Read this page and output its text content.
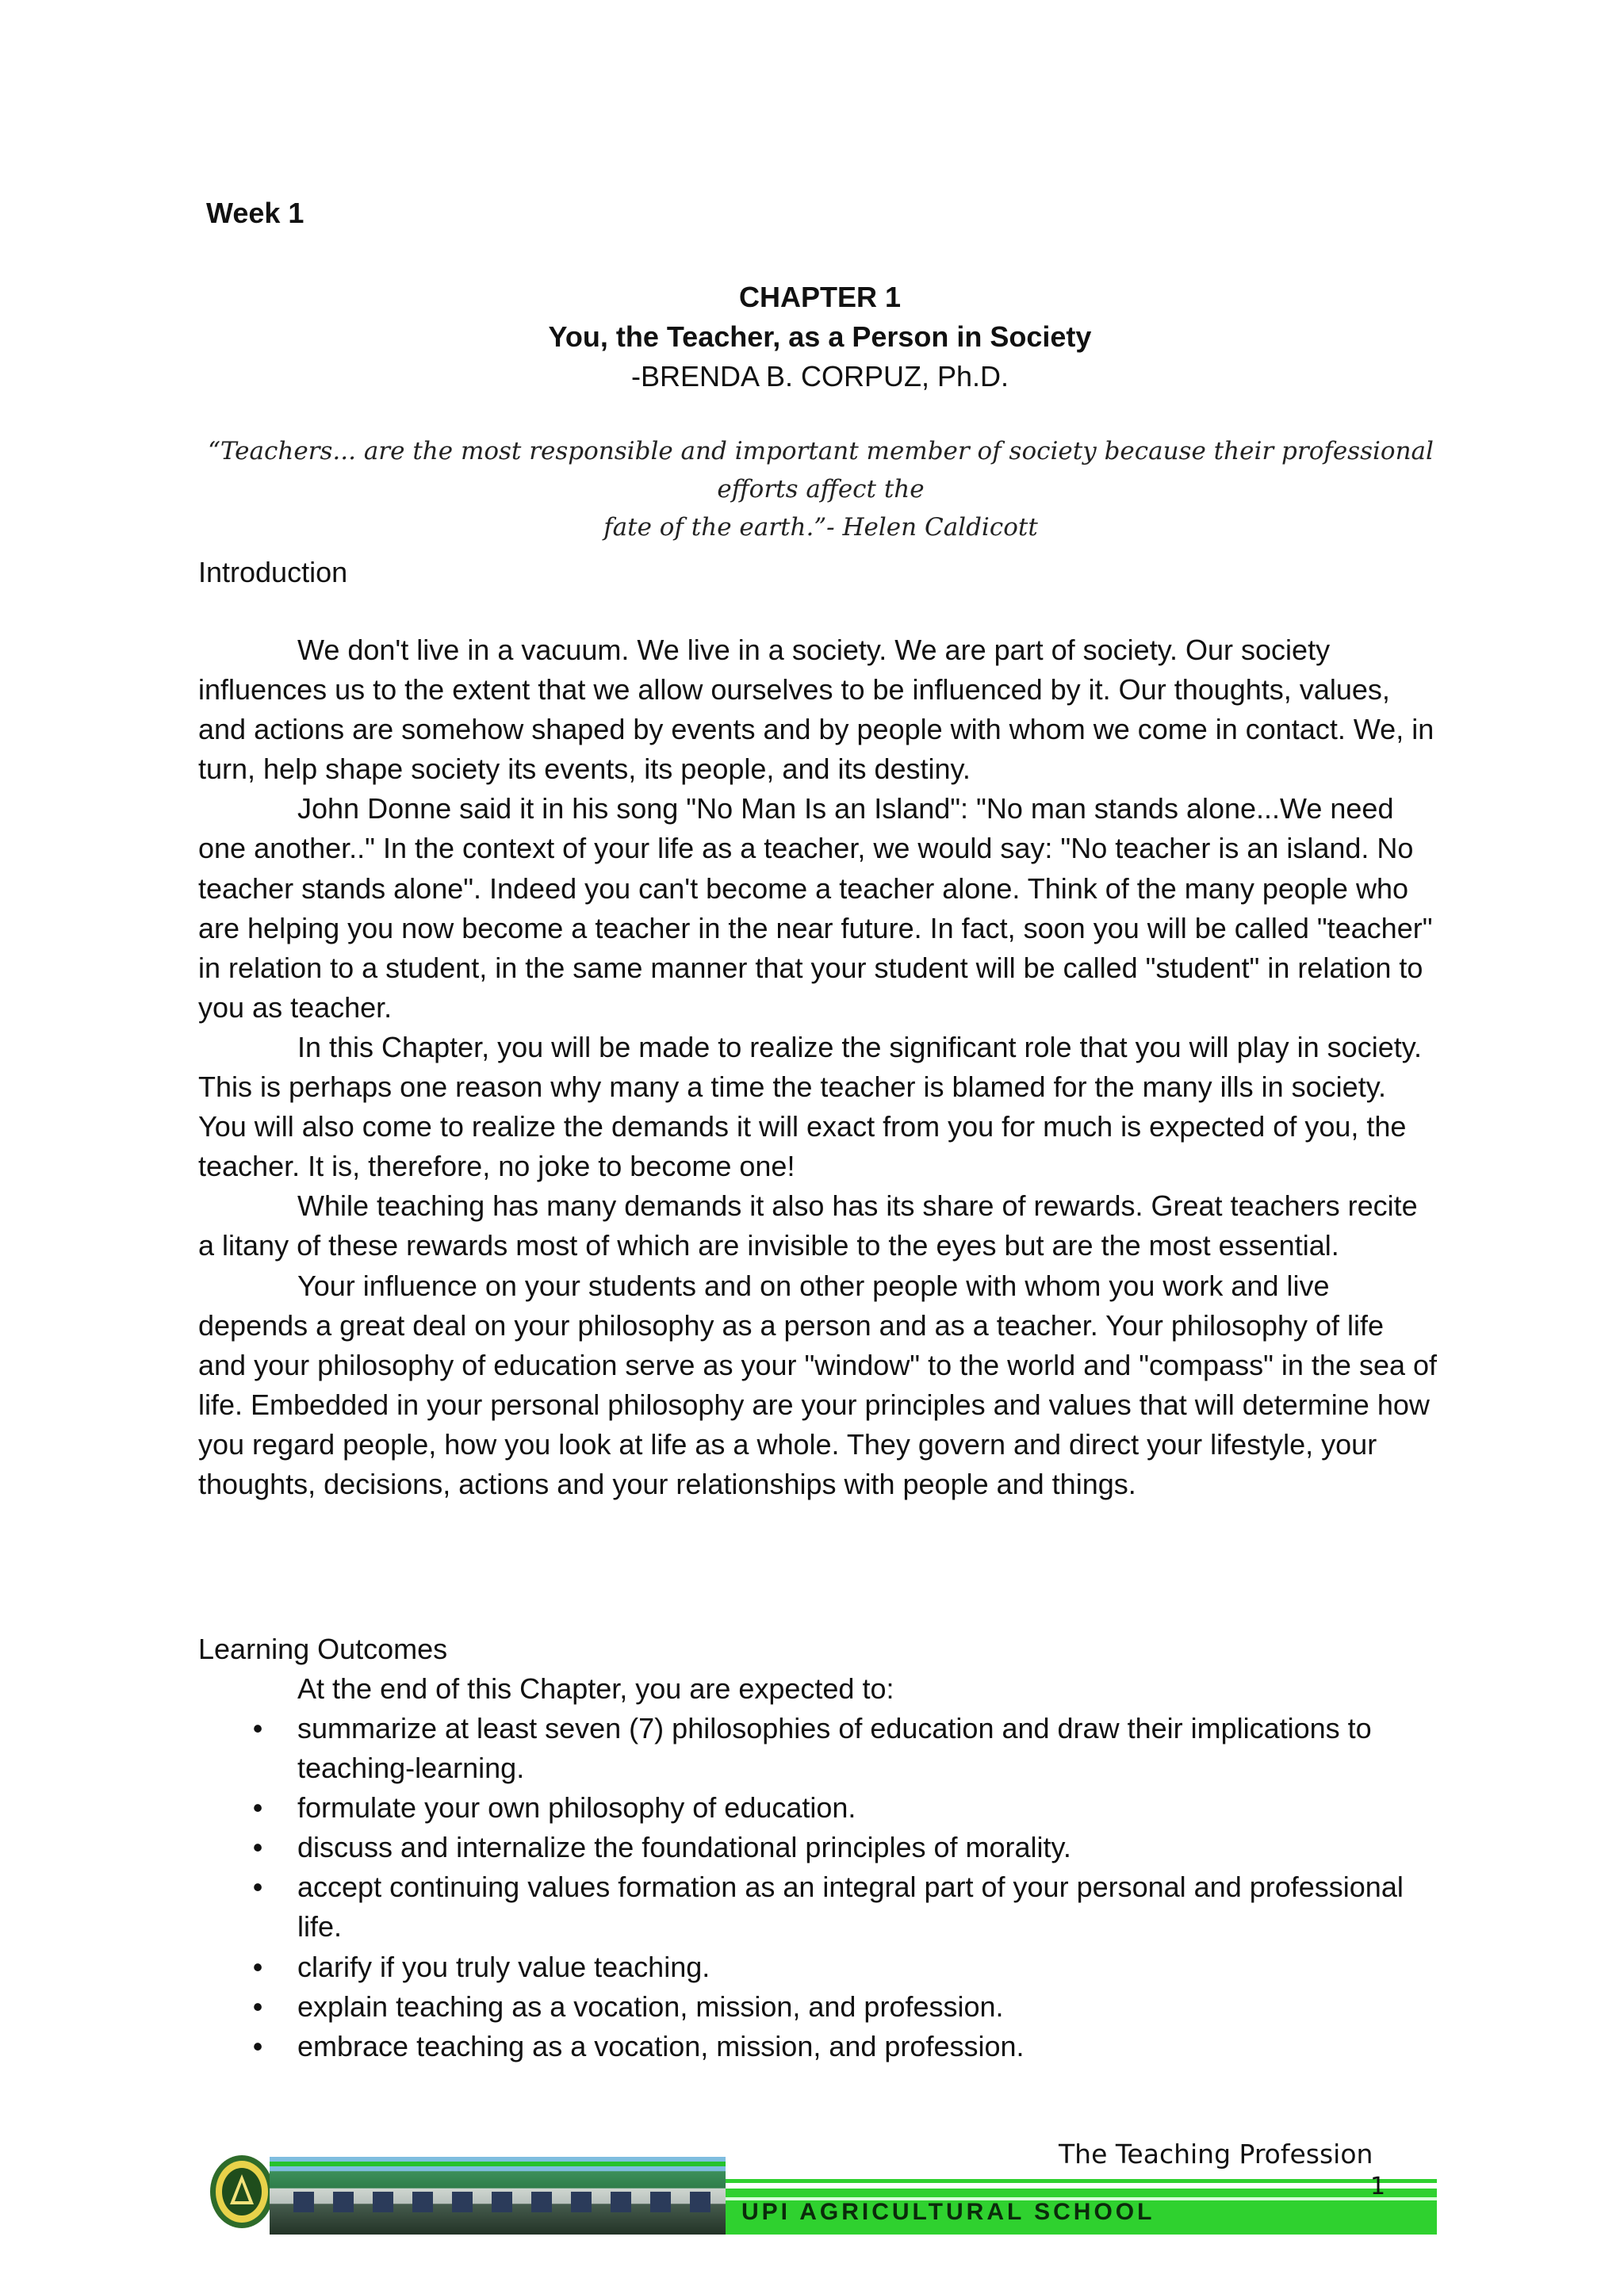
Week 1
CHAPTER 1
You, the Teacher, as a Person in Society
-BRENDA B. CORPUZ, Ph.D.
“Teachers... are the most responsible and important member of society because their professional efforts affect the
fate of the earth.”- Helen Caldicott
Introduction

We don't live in a vacuum. We live in a society. We are part of society. Our society influences us to the extent that we allow ourselves to be influenced by it. Our thoughts, values, and actions are somehow shaped by events and by people with whom we come in contact. We, in turn, help shape society its events, its people, and its destiny.

John Donne said it in his song "No Man Is an Island": "No man stands alone...We need one another.." In the context of your life as a teacher, we would say: "No teacher is an island. No teacher stands alone". Indeed you can't become a teacher alone. Think of the many people who are helping you now become a teacher in the near future. In fact, soon you will be called "teacher" in relation to a student, in the same manner that your student will be called "student" in relation to you as teacher.

In this Chapter, you will be made to realize the significant role that you will play in society. This is perhaps one reason why many a time the teacher is blamed for the many ills in society. You will also come to realize the demands it will exact from you for much is expected of you, the teacher. It is, therefore, no joke to become one!

While teaching has many demands it also has its share of rewards. Great teachers recite a litany of these rewards most of which are invisible to the eyes but are the most essential.

Your influence on your students and on other people with whom you work and live depends a great deal on your philosophy as a person and as a teacher. Your philosophy of life and your philosophy of education serve as your "window" to the world and "compass" in the sea of life. Embedded in your personal philosophy are your principles and values that will determine how you regard people, how you look at life as a whole. They govern and direct your lifestyle, your thoughts, decisions, actions and your relationships with people and things.

Learning Outcomes
At the end of this Chapter, you are expected to:
• summarize at least seven (7) philosophies of education and draw their implications to teaching-learning.
• formulate your own philosophy of education.
• discuss and internalize the foundational principles of morality.
• accept continuing values formation as an integral part of your personal and professional life.
• clarify if you truly value teaching.
• explain teaching as a vocation, mission, and profession.
• embrace teaching as a vocation, mission, and profession.
The Teaching Profession
UPI AGRICULTURAL SCHOOL
1
